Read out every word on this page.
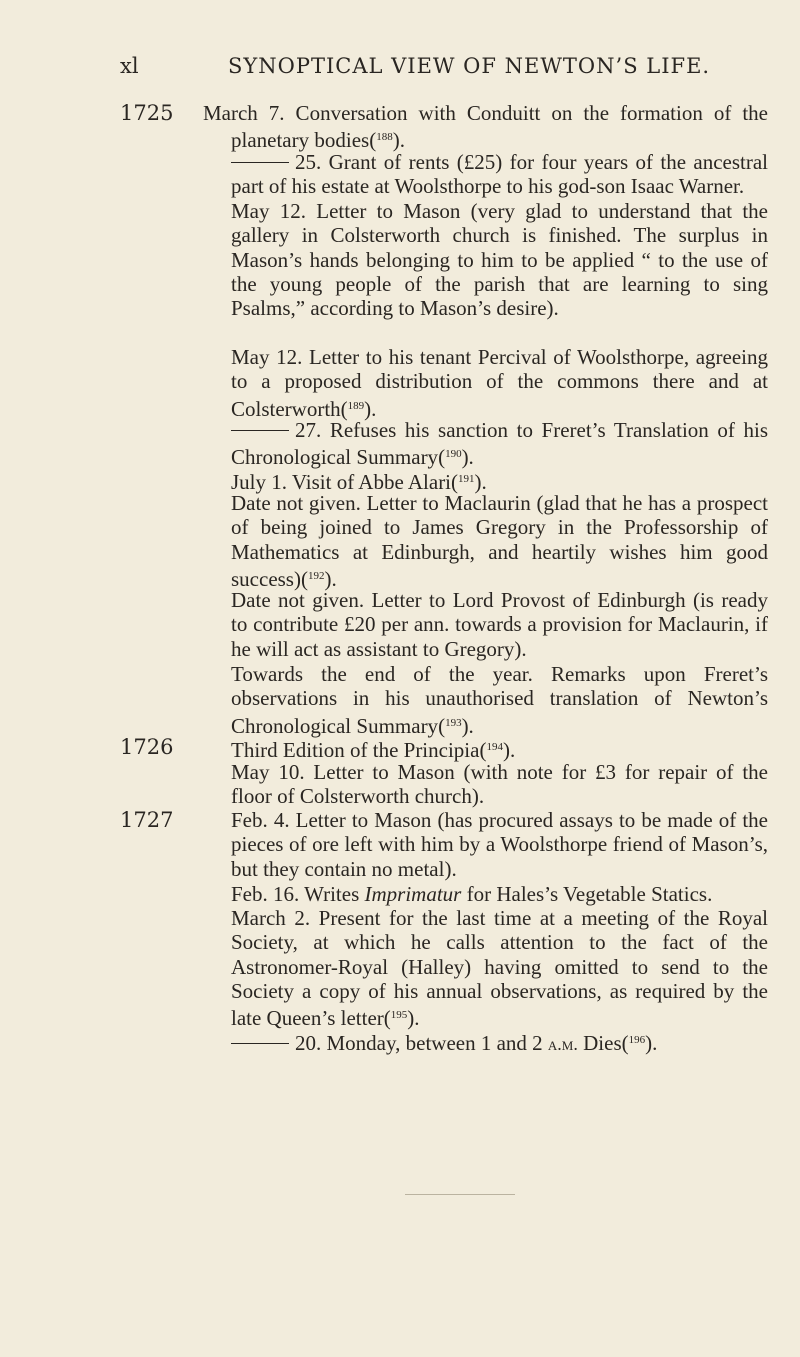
xl	SYNOPTICAL VIEW OF NEWTON’S LIFE.
1725 March 7. Conversation with Conduitt on the formation of the planetary bodies($^{188}$).
25. Grant of rents (£25) for four years of the ancestral part of his estate at Woolsthorpe to his god-son Isaac Warner.
May 12. Letter to Mason (very glad to understand that the gallery in Colsterworth church is finished. The surplus in Mason’s hands belonging to him to be applied “ to the use of the young people of the parish that are learning to sing Psalms,” according to Mason’s desire).
May 12. Letter to his tenant Percival of Woolsthorpe, agreeing to a proposed distribution of the commons there and at Colsterworth($^{189}$).
27. Refuses his sanction to Freret’s Translation of his Chronological Summary($^{190}$).
July 1. Visit of Abbe Alari($^{191}$).
Date not given. Letter to Maclaurin (glad that he has a prospect of being joined to James Gregory in the Professorship of Mathematics at Edinburgh, and heartily wishes him good success)($^{192}$).
Date not given. Letter to Lord Provost of Edinburgh (is ready to contribute £20 per ann. towards a provision for Maclaurin, if he will act as assistant to Gregory).
Towards the end of the year. Remarks upon Freret’s observations in his unauthorised translation of Newton’s Chronological Summary($^{193}$).
1726	Third Edition of the Principia($^{194}$).
May 10. Letter to Mason (with note for £3 for repair of the floor of Colsterworth church).
1727	Feb. 4. Letter to Mason (has procured assays to be made of the pieces of ore left with him by a Woolsthorpe friend of Mason’s, but they contain no metal).
Feb. 16. Writes Imprimatur for Hales’s Vegetable Statics.
March 2. Present for the last time at a meeting of the Royal Society, at which he calls attention to the fact of the Astronomer-Royal (Halley) having omitted to send to the Society a copy of his annual observations, as required by the late Queen’s letter($^{195}$).
20. Monday, between 1 and 2 a.m. Dies($^{196}$).
